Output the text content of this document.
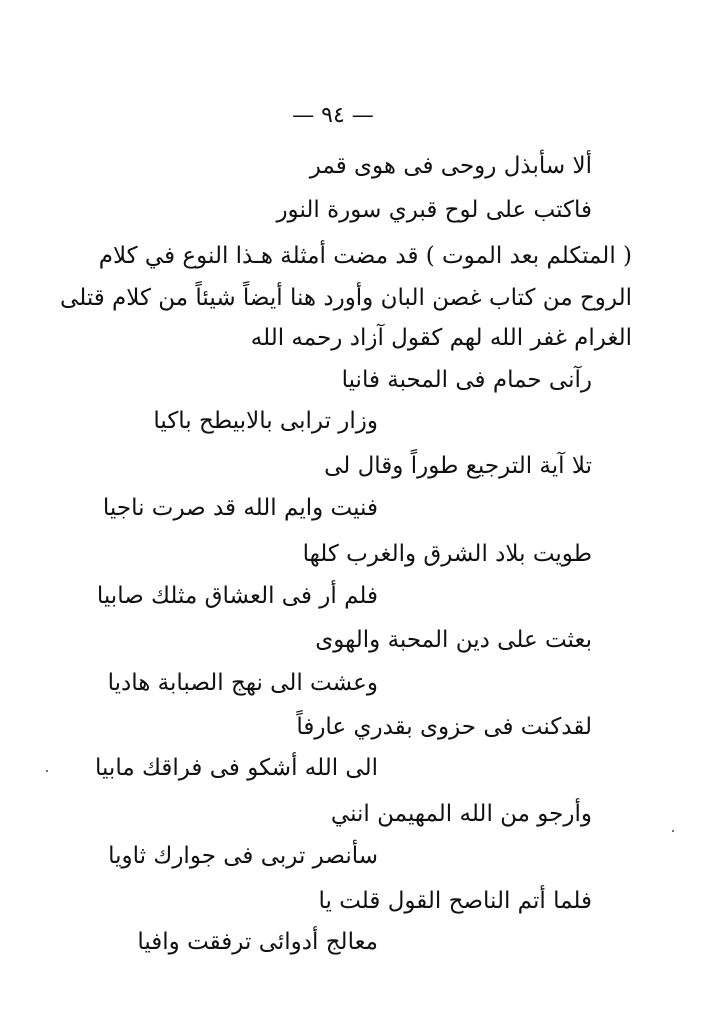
— ٩٤ —
ألا سأبذل روحى فى هوى قمر
فاكتب على لوح قبري سورة النور
( المتكلم بعد الموت ) قد مضت أمثلة هـذا النوع في كلام
الروح من كتاب غصن البان وأورد هنا أيضاً شيئاً من كلام قتلى
الغرام غفر الله لهم كقول آزاد رحمه الله
رآنى حمام فى المحبة فانيا
وزار ترابى بالابيطح باكيا
تلا آية الترجيع طوراً وقال لى
فنيت وايم الله قد صرت ناجيا
طويت بلاد الشرق والغرب كلها
فلم أر فى العشاق مثلك صابيا
بعثت على دين المحبة والهوى
وعشت الى نهج الصبابة هاديا
لقدكنت فى حزوى بقدري عارفاً
الى الله أشكو فى فراقك مابيا
وأرجو من الله المهيمن انني
سأنصر تربى فى جوارك ثاويا
فلما أتم الناصح القول قلت يا
معالج أدوائى ترفقت وافيا
